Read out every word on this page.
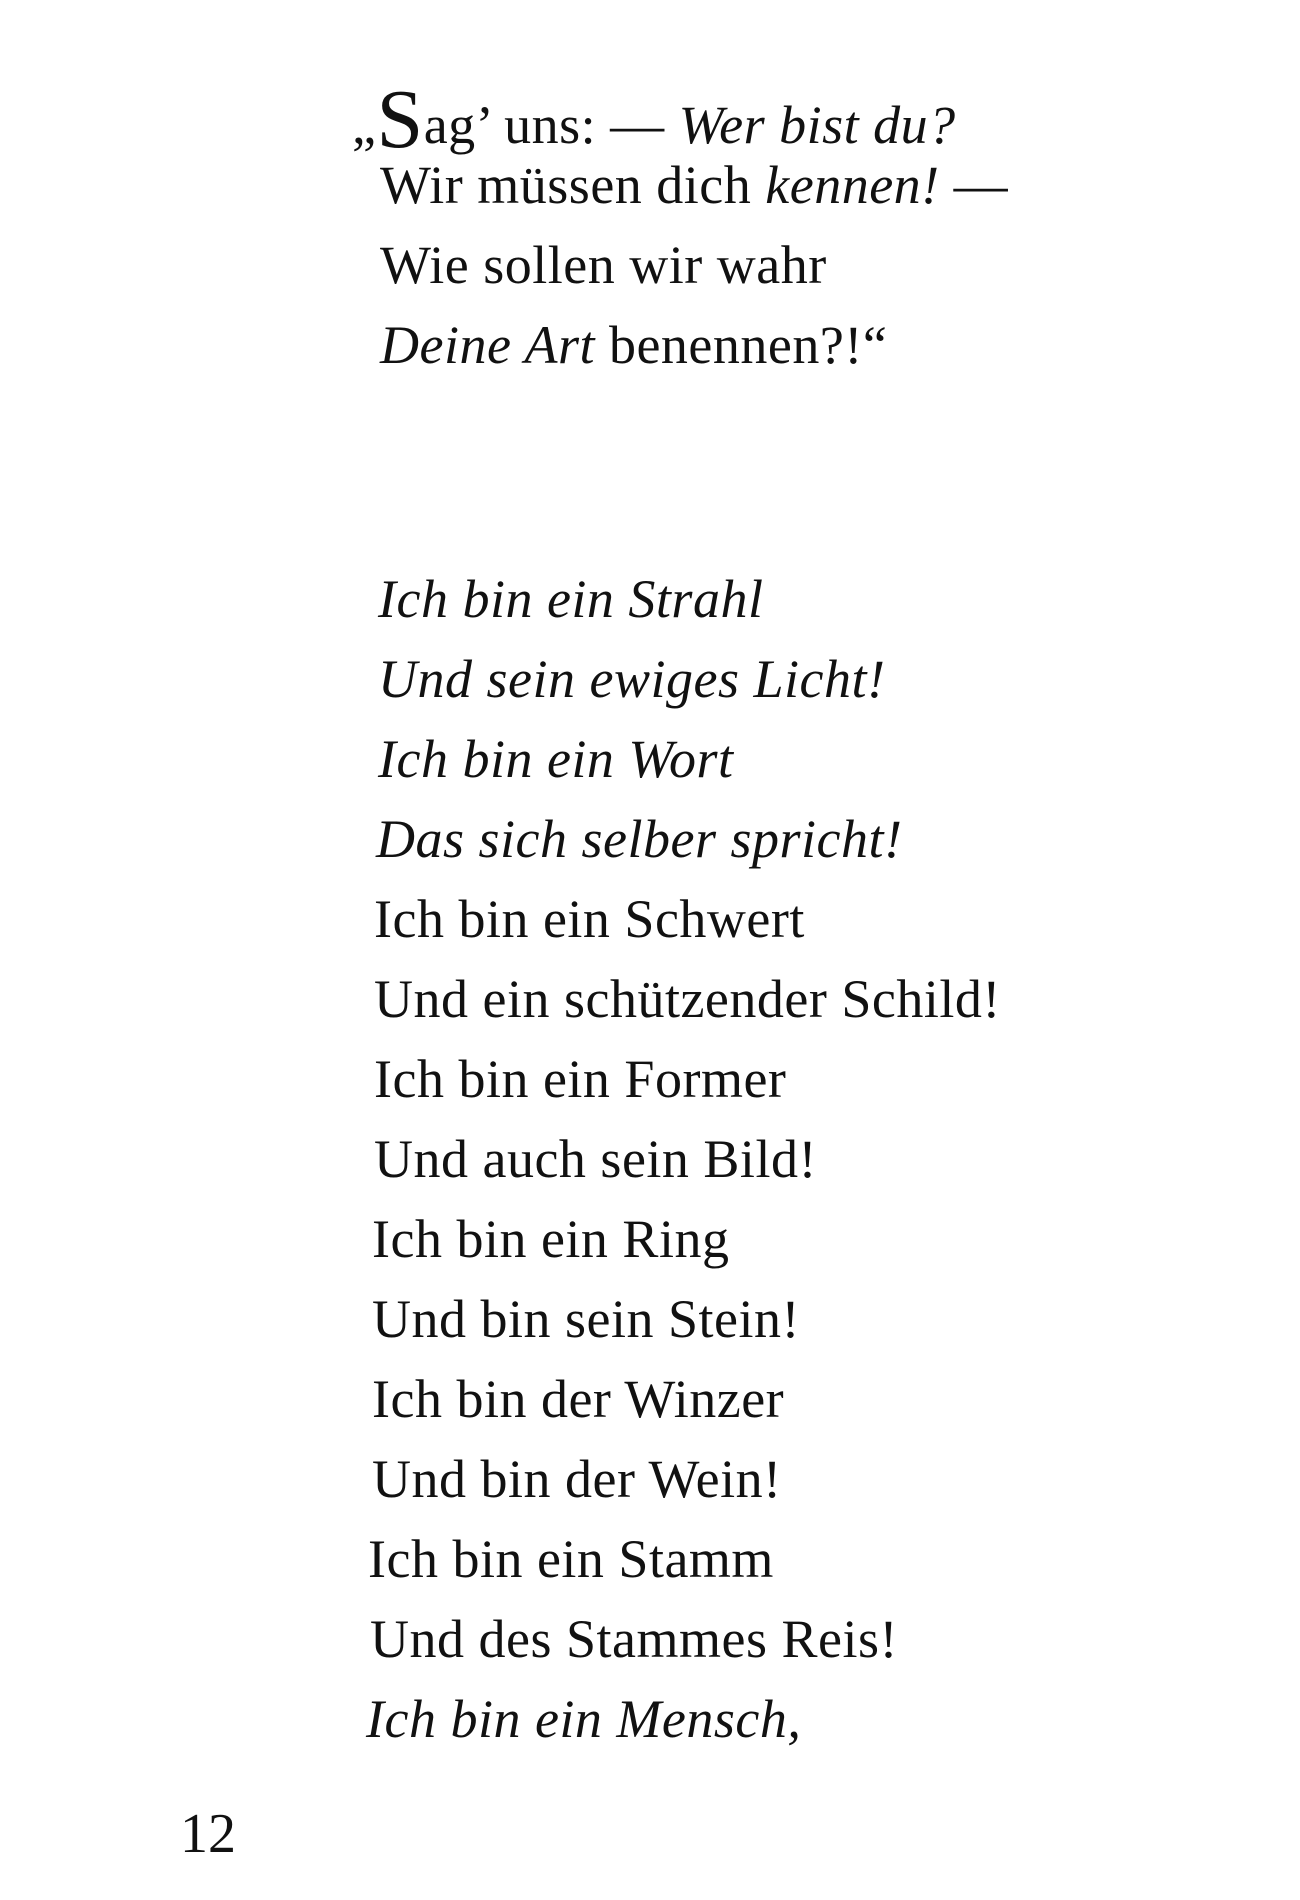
„Sag’ uns: — Wer bist du?
Wir müssen dich kennen! —
Wie sollen wir wahr
Deine Art benennen?!“
Ich bin ein Strahl
Und sein ewiges Licht!
Ich bin ein Wort
Das sich selber spricht!
Ich bin ein Schwert
Und ein schützender Schild!
Ich bin ein Former
Und auch sein Bild!
Ich bin ein Ring
Und bin sein Stein!
Ich bin der Winzer
Und bin der Wein!
Ich bin ein Stamm
Und des Stammes Reis!
Ich bin ein Mensch,
12
